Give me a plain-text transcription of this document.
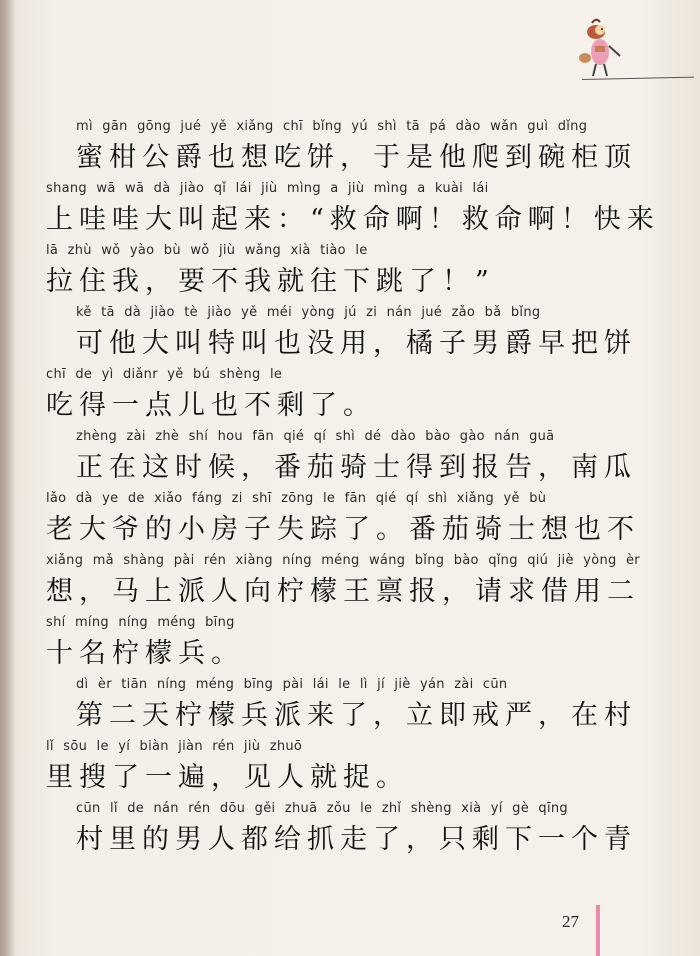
mì gān gōng jué yě xiǎng chī bǐng yú shì tā pá dào wǎn guì dǐng
蜜柑公爵也想吃饼，于是他爬到碗柜顶
shang wā wā dà jiào qǐ lái jiù mìng a jiù mìng a kuài lái
上哇哇大叫起来：“救命啊！救命啊！快来
lā zhù wǒ yào bù wǒ jiù wǎng xià tiào le
拉住我，要不我就往下跳了！”
kě tā dà jiào tè jiào yě méi yòng jú zi nán jué zǎo bǎ bǐng
可他大叫特叫也没用，橘子男爵早把饼
chī de yì diǎnr yě bú shèng le
吃得一点儿也不剩了。
zhèng zài zhè shí hou fān qié qí shì dé dào bào gào nán guā
正在这时候，番茄骑士得到报告，南瓜
lǎo dà ye de xiǎo fáng zi shī zōng le fān qié qí shì xiǎng yě bù
老大爷的小房子失踪了。番茄骑士想也不
xiǎng mǎ shàng pài rén xiàng níng méng wáng bǐng bào qǐng qiú jiè yòng èr
想，马上派人向柠檬王禀报，请求借用二
shí míng níng méng bīng
十名柠檬兵。
dì èr tiān níng méng bīng pài lái le lì jí jiè yán zài cūn
第二天柠檬兵派来了，立即戒严，在村
lǐ sōu le yí biàn jiàn rén jiù zhuō
里搜了一遍，见人就捉。
cūn lǐ de nán rén dōu gěi zhuā zǒu le zhǐ shèng xià yí gè qīng
村里的男人都给抓走了，只剩下一个青
27
